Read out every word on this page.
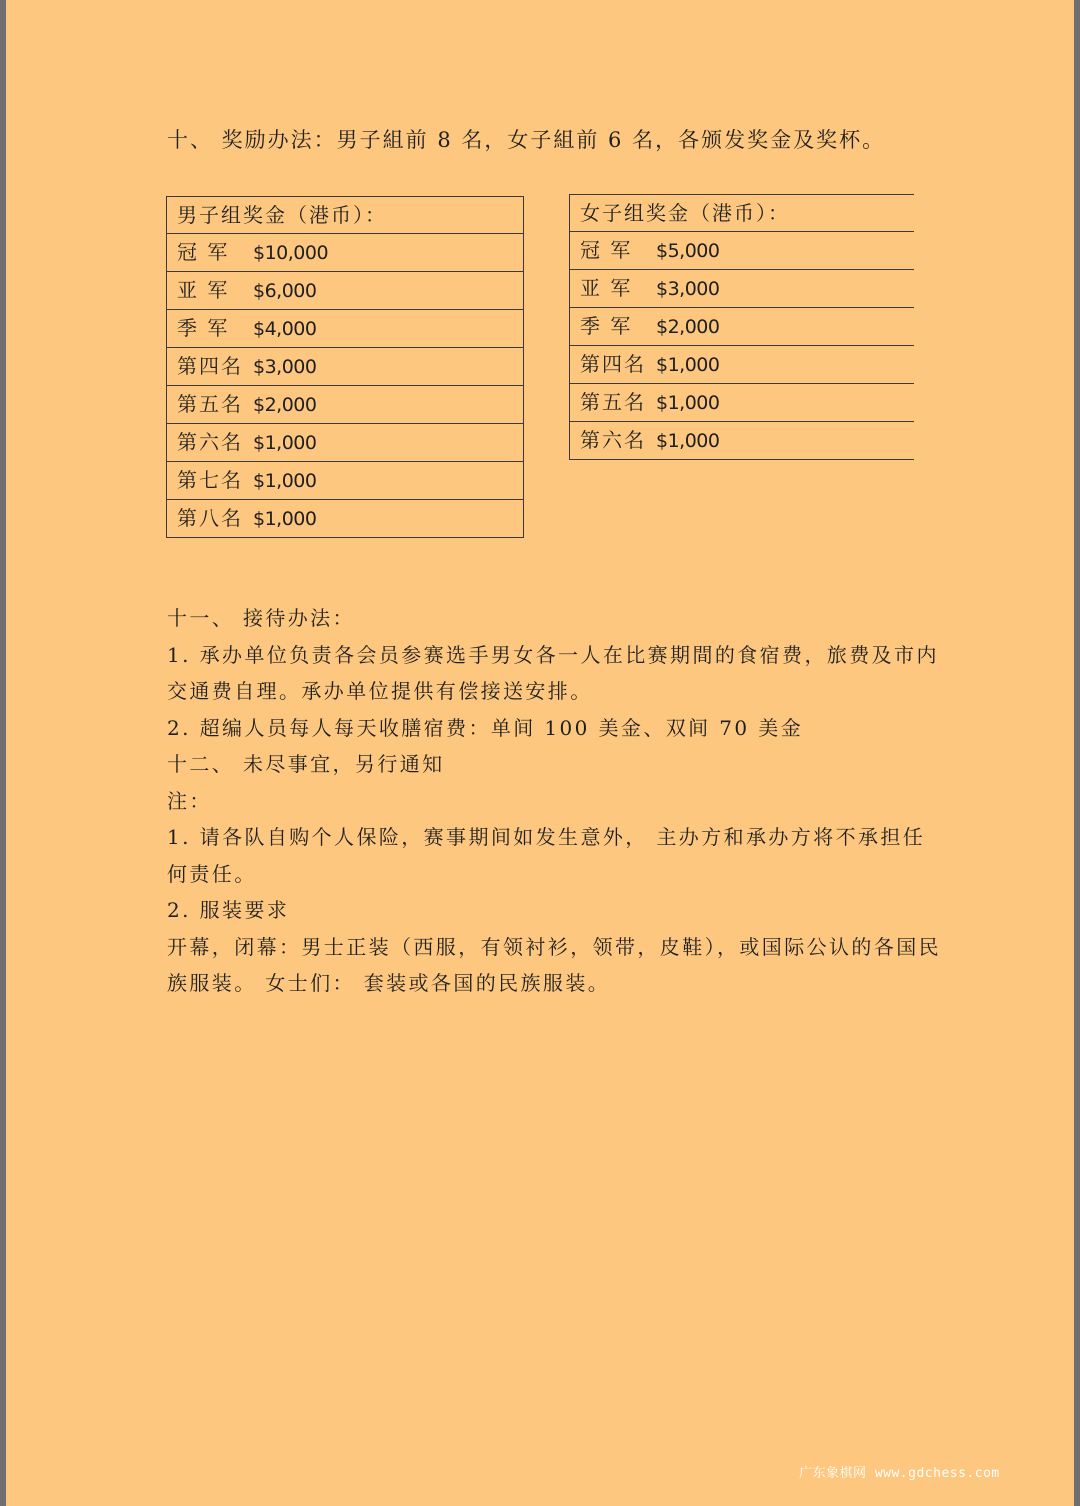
十、 奖励办法：男子組前 8 名，女子組前 6 名，各颁发奖金及奖杯。
男子组奖金（港币）：
冠 军 $10,000
亚 军 $6,000
季 军 $4,000
第四名 $3,000
第五名 $2,000
第六名 $1,000
第七名 $1,000
第八名 $1,000
女子组奖金（港币）：
冠 军 $5,000
亚 军 $3,000
季 军 $2,000
第四名 $1,000
第五名 $1,000
第六名 $1,000

十一、 接待办法：

1. 承办单位负责各会员参赛选手男女各一人在比赛期間的食宿费，旅费及市内

交通费自理。承办单位提供有偿接送安排。

2. 超编人员每人每天收膳宿费：单间 100 美金、双间 70 美金

十二、 未尽事宜，另行通知

注：

1. 请各队自购个人保险，赛事期间如发生意外， 主办方和承办方将不承担任

何责任。

2. 服装要求

开幕，闭幕：男士正装（西服，有领衬衫，领带，皮鞋），或国际公认的各国民

族服装。 女士们： 套装或各国的民族服装。

广东象棋网 www.gdchess.com
